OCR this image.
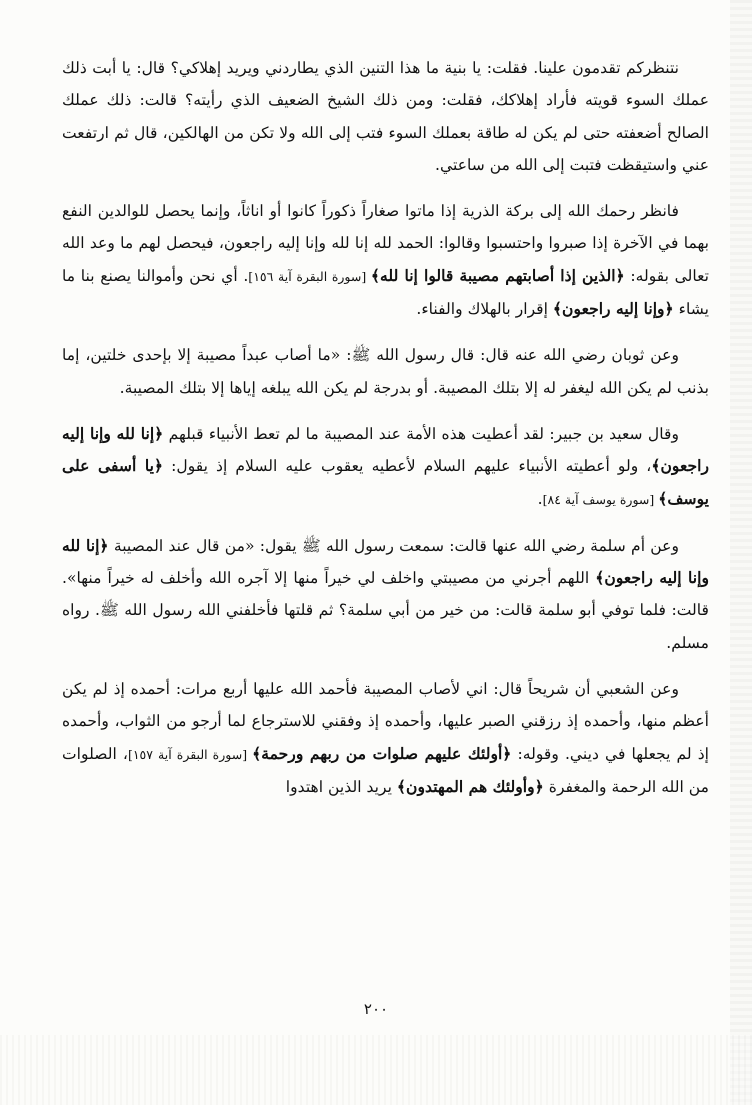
نتنظركم تقدمون علينا. فقلت: يا بنية ما هذا التنين الذي يطاردني ويريد إهلاكي؟ قال: يا أبت ذلك عملك السوء قويته فأراد إهلاكك، فقلت: ومن ذلك الشيخ الضعيف الذي رأيته؟ قالت: ذلك عملك الصالح أضعفته حتى لم يكن له طاقة بعملك السوء فتب إلى الله ولا تكن من الهالكين، قال ثم ارتفعت عني واستيقظت فتبت إلى الله من ساعتي.

فانظر رحمك الله إلى بركة الذرية إذا ماتوا صغاراً ذكوراً كانوا أو اناثاً، وإنما يحصل للوالدين النفع بهما في الآخرة إذا صبروا واحتسبوا وقالوا: الحمد لله إنا لله وإنا إليه راجعون، فيحصل لهم ما وعد الله تعالى بقوله: ﴿الذين إذا أصابتهم مصيبة قالوا إنا لله﴾ [سورة البقرة آية ١٥٦]. أي نحن وأموالنا يصنع بنا ما يشاء ﴿وإنا إليه راجعون﴾ إقرار بالهلاك والفناء.

وعن ثوبان رضي الله عنه قال: قال رسول الله ﷺ: «ما أصاب عبداً مصيبة إلا بإحدى خلتين، إما بذنب لم يكن الله ليغفر له إلا بتلك المصيبة. أو بدرجة لم يكن الله يبلغه إياها إلا بتلك المصيبة.

وقال سعيد بن جبير: لقد أعطيت هذه الأمة عند المصيبة ما لم تعط الأنبياء قبلهم ﴿إنا لله وإنا إليه راجعون﴾، ولو أعطيته الأنبياء عليهم السلام لأعطيه يعقوب عليه السلام إذ يقول: ﴿يا أسفى على يوسف﴾ [سورة يوسف آية ٨٤].

وعن أم سلمة رضي الله عنها قالت: سمعت رسول الله ﷺ يقول: «من قال عند المصيبة ﴿إنا لله وإنا إليه راجعون﴾ اللهم أجرني من مصيبتي واخلف لي خيراً منها إلا آجره الله وأخلف له خيراً منها». قالت: فلما توفي أبو سلمة قالت: من خير من أبي سلمة؟ ثم قلتها فأخلفني الله رسول الله ﷺ. رواه مسلم.

وعن الشعبي أن شريحاً قال: اني لأصاب المصيبة فأحمد الله عليها أربع مرات: أحمده إذ لم يكن أعظم منها، وأحمده إذ رزقني الصبر عليها، وأحمده إذ وفقني للاسترجاع لما أرجو من الثواب، وأحمده إذ لم يجعلها في ديني. وقوله: ﴿أولئك عليهم صلوات من ربهم ورحمة﴾ [سورة البقرة آية ١٥٧]، الصلوات من الله الرحمة والمغفرة ﴿وأولئك هم المهتدون﴾ يريد الذين اهتدوا

٢٠٠
